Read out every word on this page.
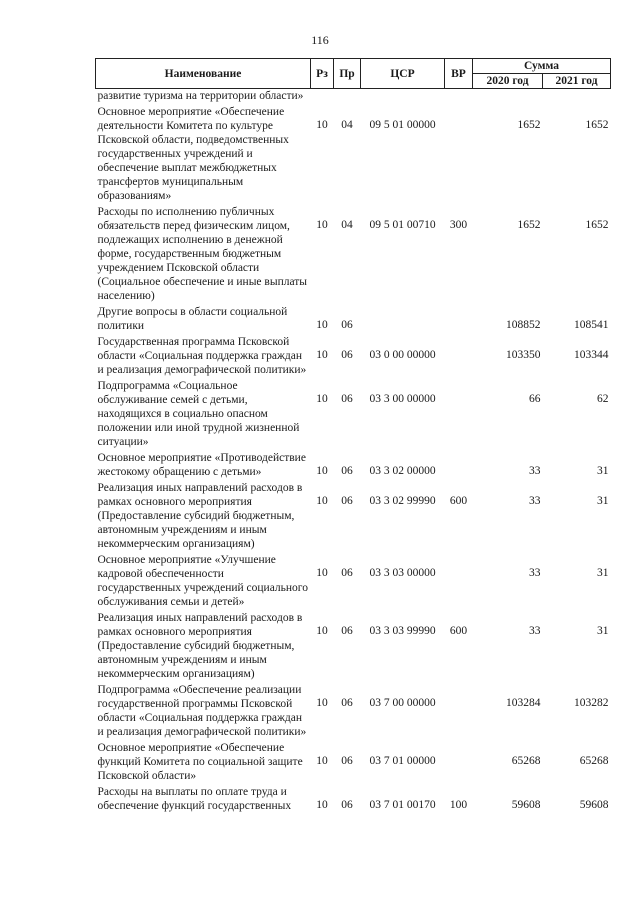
116
Наименование	Рз	Пр	ЦСР	ВР	Сумма	
					2020 год	2021 год
развитие туризма на территории области»						
Основное мероприятие «Обеспечение деятельности Комитета по культуре Псковской области, подведомственных государственных учреждений и обеспечение выплат межбюджетных трансфертов муниципальным образованиям»	10	04	09 5 01 00000		1652	1652
Расходы по исполнению публичных обязательств перед физическим лицом, подлежащих исполнению в денежной форме, государственным бюджетным учреждением Псковской области (Социальное обеспечение и иные выплаты населению)	10	04	09 5 01 00710	300	1652	1652
Другие вопросы в области социальной политики	10	06			108852	108541
Государственная программа Псковской области «Социальная поддержка граждан и реализация демографической политики»	10	06	03 0 00 00000		103350	103344
Подпрограмма «Социальное обслуживание семей с детьми, находящихся в социально опасном положении или иной трудной жизненной ситуации»	10	06	03 3 00 00000		66	62
Основное мероприятие «Противодействие жестокому обращению с детьми»	10	06	03 3 02 00000		33	31
Реализация иных направлений расходов в рамках основного мероприятия (Предоставление субсидий бюджетным, автономным учреждениям и иным некоммерческим организациям)	10	06	03 3 02 99990	600	33	31
Основное мероприятие «Улучшение кадровой обеспеченности государственных учреждений социального обслуживания семьи и детей»	10	06	03 3 03 00000		33	31
Реализация иных направлений расходов в рамках основного мероприятия (Предоставление субсидий бюджетным, автономным учреждениям и иным некоммерческим организациям)	10	06	03 3 03 99990	600	33	31
Подпрограмма «Обеспечение реализации государственной программы Псковской области «Социальная поддержка граждан и реализация демографической политики»	10	06	03 7 00 00000		103284	103282
Основное мероприятие «Обеспечение функций Комитета по социальной защите Псковской области»	10	06	03 7 01 00000		65268	65268
Расходы на выплаты по оплате труда и обеспечение функций государственных	10	06	03 7 01 00170	100	59608	59608
